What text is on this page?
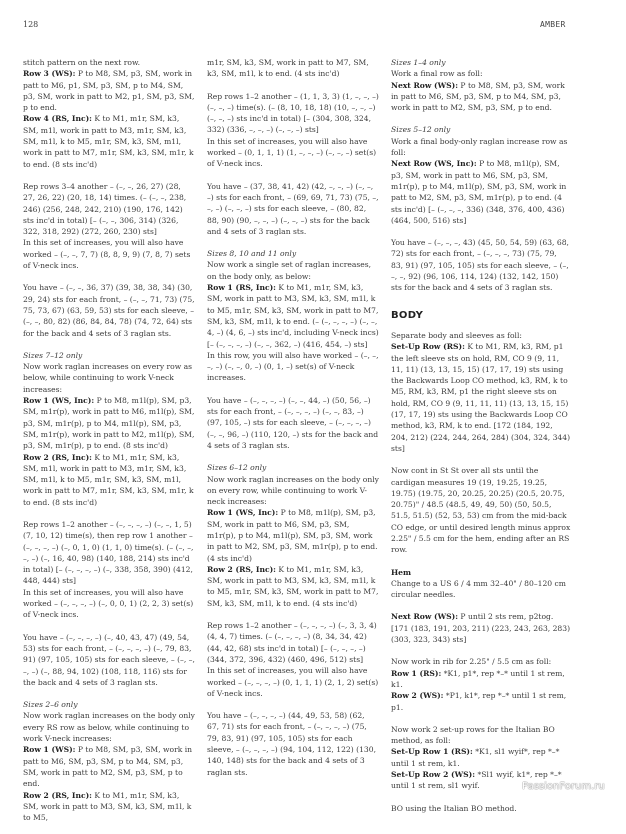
128	AMBER

stitch pattern on the next row.

Row 3 (WS): P to M8, SM, p3, SM, work in patt to M6, p1, SM, p3, SM, p to M4, SM, p3, SM, work in patt to M2, p1, SM, p3, SM, p to end.

Row 4 (RS, Inc): K to M1, m1r, SM, k3, SM, m1l, work in patt to M3, m1r, SM, k3, SM, m1l, k to M5, m1r, SM, k3, SM, m1l, work in patt to M7, m1r, SM, k3, SM, m1r, k to end. (8 sts inc'd)

Rep rows 3–4 another – (–, –, 26, 27) (28, 27, 26, 22) (20, 18, 14) times. (– (–, –, 238, 246) (256, 248, 242, 210) (190, 176, 142) sts inc'd in total) [– (–, –, 306, 314) (326, 322, 318, 292) (272, 260, 230) sts]

In this set of increases, you will also have worked – (–, –, 7, 7) (8, 8, 9, 9) (7, 8, 7) sets of V-neck incs.

You have – (–, –, 36, 37) (39, 38, 38, 34) (30, 29, 24) sts for each front, – (–, –, 71, 73) (75, 75, 73, 67) (63, 59, 53) sts for each sleeve, – (–, –, 80, 82) (86, 84, 84, 78) (74, 72, 64) sts for the back and 4 sets of 3 raglan sts.

Sizes 7–12 only

Now work raglan increases on every row as below, while continuing to work V-neck increases:

Row 1 (WS, Inc): P to M8, m1l(p), SM, p3, SM, m1r(p), work in patt to M6, m1l(p), SM, p3, SM, m1r(p), p to M4, m1l(p), SM, p3, SM, m1r(p), work in patt to M2, m1l(p), SM, p3, SM, m1r(p), p to end. (8 sts inc'd)

Row 2 (RS, Inc): K to M1, m1r, SM, k3, SM, m1l, work in patt to M3, m1r, SM, k3, SM, m1l, k to M5, m1r, SM, k3, SM, m1l, work in patt to M7, m1r, SM, k3, SM, m1r, k to end. (8 sts inc'd)

Rep rows 1–2 another – (–, –, –, –) (–, –, 1, 5) (7, 10, 12) time(s), then rep row 1 another – (–, –, –, –) (–, 0, 1, 0) (1, 1, 0) time(s). (– (–, –, –, –) (–, 16, 40, 98) (140, 188, 214) sts inc'd in total) [– (–, –, –, –) (–, 338, 358, 390) (412, 448, 444) sts]

In this set of increases, you will also have worked – (–, –, –, –) (–, 0, 0, 1) (2, 2, 3) set(s) of V-neck incs.

You have – (–, –, –, –) (–, 40, 43, 47) (49, 54, 53) sts for each front, – (–, –, –, –) (–, 79, 83, 91) (97, 105, 105) sts for each sleeve, – (–, –, –, –) (–, 88, 94, 102) (108, 118, 116) sts for the back and 4 sets of 3 raglan sts.

Sizes 2–6 only

Now work raglan increases on the body only every RS row as below, while continuing to work V-neck increases:

Row 1 (WS): P to M8, SM, p3, SM, work in patt to M6, SM, p3, SM, p to M4, SM, p3, SM, work in patt to M2, SM, p3, SM, p to end.

Row 2 (RS, Inc): K to M1, m1r, SM, k3, SM, work in patt to M3, SM, k3, SM, m1l, k to M5,

m1r, SM, k3, SM, work in patt to M7, SM, k3, SM, m1l, k to end. (4 sts inc'd)

Rep rows 1–2 another – (1, 1, 3, 3) (1, –, –, –) (–, –, –) time(s). (– (8, 10, 18, 18) (10, –, –, –) (–, –, –) sts inc'd in total) [– (304, 308, 324, 332) (336, –, –, –) (–, –, –) sts]

In this set of increases, you will also have worked – (0, 1, 1, 1) (1, –, –, –) (–, –, –) set(s) of V-neck incs.

You have – (37, 38, 41, 42) (42, –, –, –) (–, –, –) sts for each front, – (69, 69, 71, 73) (75, –, –, –) (–, –, –) sts for each sleeve, – (80, 82, 88, 90) (90, –, –, –) (–, –, –) sts for the back and 4 sets of 3 raglan sts.

Sizes 8, 10 and 11 only

Now work a single set of raglan increases, on the body only, as below:

Row 1 (RS, Inc): K to M1, m1r, SM, k3, SM, work in patt to M3, SM, k3, SM, m1l, k to M5, m1r, SM, k3, SM, work in patt to M7, SM, k3, SM, m1l, k to end. (– (–, –, –, –) (–, –, 4, –) (4, 6, –) sts inc'd, including V-neck incs) [– (–, –, –, –) (–, –, 362, –) (416, 454, –) sts]

In this row, you will also have worked – (–, –, –, –) (–, –, 0, –) (0, 1, –) set(s) of V-neck increases.

You have – (–, –, –, –) (–, –, 44, –) (50, 56, –) sts for each front, – (–, –, –, –) (–, –, 83, –) (97, 105, –) sts for each sleeve, – (–, –, –, –) (–, –, 96, –) (110, 120, –) sts for the back and 4 sets of 3 raglan sts.

Sizes 6–12 only

Now work raglan increases on the body only on every row, while continuing to work V-neck increases:

Row 1 (WS, Inc): P to M8, m1l(p), SM, p3, SM, work in patt to M6, SM, p3, SM, m1r(p), p to M4, m1l(p), SM, p3, SM, work in patt to M2, SM, p3, SM, m1r(p), p to end. (4 sts inc'd)

Row 2 (RS, Inc): K to M1, m1r, SM, k3, SM, work in patt to M3, SM, k3, SM, m1l, k to M5, m1r, SM, k3, SM, work in patt to M7, SM, k3, SM, m1l, k to end. (4 sts inc'd)

Rep rows 1–2 another – (–, –, –, –) (–, 3, 3, 4) (4, 4, 7) times. (– (–, –, –, –) (8, 34, 34, 42) (44, 42, 68) sts inc'd in total) [– (–, –, –, –) (344, 372, 396, 432) (460, 496, 512) sts]

In this set of increases, you will also have worked – (–, –, –, –) (0, 1, 1, 1) (2, 1, 2) set(s) of V-neck incs.

You have – (–, –, –, –) (44, 49, 53, 58) (62, 67, 71) sts for each front, – (–, –, –, –) (75, 79, 83, 91) (97, 105, 105) sts for each sleeve, – (–, –, –, –) (94, 104, 112, 122) (130, 140, 148) sts for the back and 4 sets of 3 raglan sts.

Sizes 1–4 only

Work a final row as foll:

Next Row (WS): P to M8, SM, p3, SM, work in patt to M6, SM, p3, SM, p to M4, SM, p3, work in patt to M2, SM, p3, SM, p to end.

Sizes 5–12 only

Work a final body-only raglan increase row as foll:

Next Row (WS, Inc): P to M8, m1l(p), SM, p3, SM, work in patt to M6, SM, p3, SM, m1r(p), p to M4, m1l(p), SM, p3, SM, work in patt to M2, SM, p3, SM, m1r(p), p to end. (4 sts inc'd) [– (–, –, –, 336) (348, 376, 400, 436) (464, 500, 516) sts]

You have – (–, –, –, 43) (45, 50, 54, 59) (63, 68, 72) sts for each front, – (–, –, –, 73) (75, 79, 83, 91) (97, 105, 105) sts for each sleeve, – (–, –, –, 92) (96, 106, 114, 124) (132, 142, 150) sts for the back and 4 sets of 3 raglan sts.

BODY

Separate body and sleeves as foll:

Set-Up Row (RS): K to M1, RM, k3, RM, p1 the left sleeve sts on hold, RM, CO 9 (9, 11, 11, 11) (13, 13, 15, 15) (17, 17, 19) sts using the Backwards Loop CO method, k3, RM, k to M5, RM, k3, RM, p1 the right sleeve sts on hold, RM, CO 9 (9, 11, 11, 11) (13, 13, 15, 15) (17, 17, 19) sts using the Backwards Loop CO method, k3, RM, k to end. [172 (184, 192, 204, 212) (224, 244, 264, 284) (304, 324, 344) sts]

Now cont in St St over all sts until the cardigan measures 19 (19, 19.25, 19.25, 19.75) (19.75, 20, 20.25, 20.25) (20.5, 20.75, 20.75)" / 48.5 (48.5, 49, 49, 50) (50, 50.5, 51.5, 51.5) (52, 53, 53) cm from the mid-back CO edge, or until desired length minus approx 2.25" / 5.5 cm for the hem, ending after an RS row.

Hem

Change to a US 6 / 4 mm 32–40" / 80–120 cm circular needles.

Next Row (WS): P until 2 sts rem, p2tog. [171 (183, 191, 203, 211) (223, 243, 263, 283) (303, 323, 343) sts]

Now work in rib for 2.25" / 5.5 cm as foll:

Row 1 (RS): *K1, p1*, rep *–* until 1 st rem, k1.

Row 2 (WS): *P1, k1*, rep *–* until 1 st rem, p1.

Now work 2 set-up rows for the Italian BO method, as foll:

Set-Up Row 1 (RS): *K1, sl1 wyif*, rep *–* until 1 st rem, k1.

Set-Up Row 2 (WS): *Sl1 wyif, k1*, rep *–* until 1 st rem, sl1 wyif.

BO using the Italian BO method.

PassionForum.ru
